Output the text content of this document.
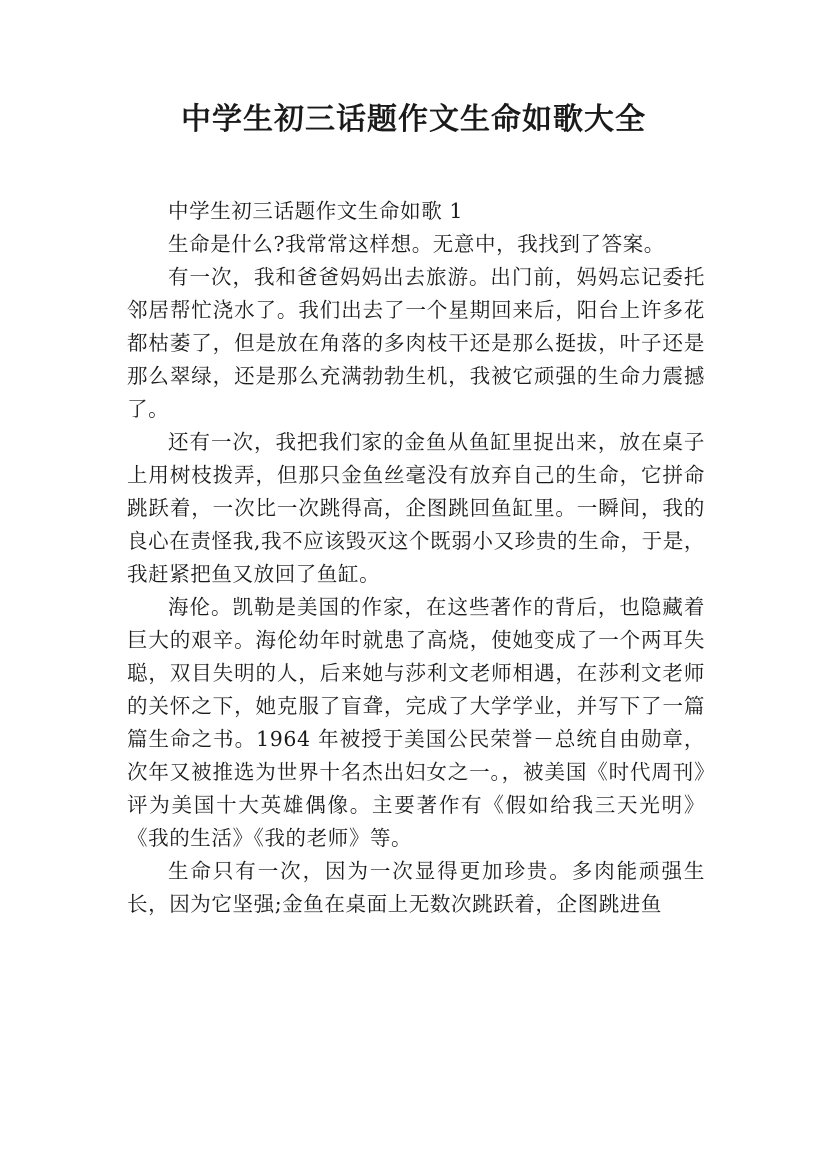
中学生初三话题作文生命如歌大全

中学生初三话题作文生命如歌 1

生命是什么?我常常这样想。无意中，我找到了答案。

有一次，我和爸爸妈妈出去旅游。出门前，妈妈忘记委托邻居帮忙浇水了。我们出去了一个星期回来后，阳台上许多花都枯萎了，但是放在角落的多肉枝干还是那么挺拔，叶子还是那么翠绿，还是那么充满勃勃生机，我被它顽强的生命力震撼了。

还有一次，我把我们家的金鱼从鱼缸里捉出来，放在桌子上用树枝拨弄，但那只金鱼丝毫没有放弃自己的生命，它拼命跳跃着，一次比一次跳得高，企图跳回鱼缸里。一瞬间，我的良心在责怪我,我不应该毁灭这个既弱小又珍贵的生命，于是，我赶紧把鱼又放回了鱼缸。

海伦。凯勒是美国的作家，在这些著作的背后，也隐藏着巨大的艰辛。海伦幼年时就患了高烧，使她变成了一个两耳失聪，双目失明的人，后来她与莎利文老师相遇，在莎利文老师的关怀之下，她克服了盲聋，完成了大学学业，并写下了一篇篇生命之书。1964 年被授于美国公民荣誉－总统自由勋章，次年又被推选为世界十名杰出妇女之一。，被美国《时代周刊》评为美国十大英雄偶像。主要著作有《假如给我三天光明》《我的生活》《我的老师》等。

生命只有一次，因为一次显得更加珍贵。多肉能顽强生长，因为它坚强;金鱼在桌面上无数次跳跃着，企图跳进鱼
